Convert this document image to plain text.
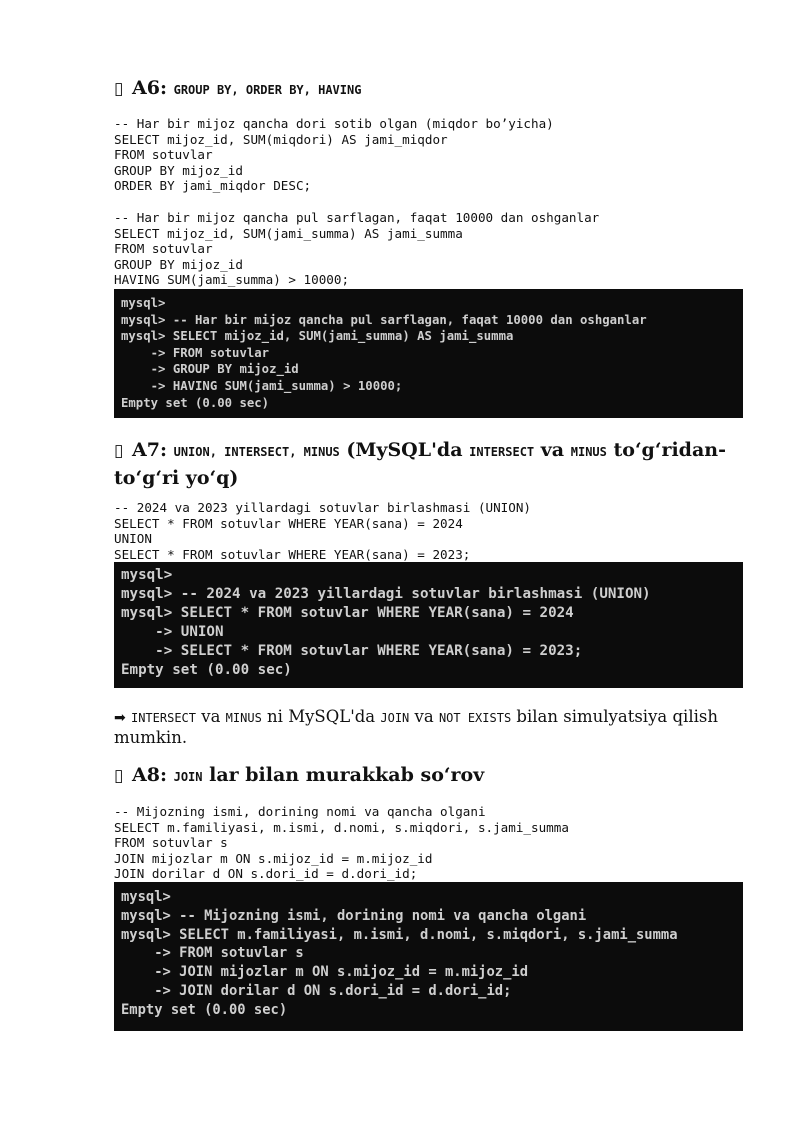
▯ A6: GROUP BY, ORDER BY, HAVING
-- Har bir mijoz qancha dori sotib olgan (miqdor bo’yicha)
SELECT mijoz_id, SUM(miqdori) AS jami_miqdor
FROM sotuvlar
GROUP BY mijoz_id
ORDER BY jami_miqdor DESC;
-- Har bir mijoz qancha pul sarflagan, faqat 10000 dan oshganlar
SELECT mijoz_id, SUM(jami_summa) AS jami_summa
FROM sotuvlar
GROUP BY mijoz_id
HAVING SUM(jami_summa) > 10000;
mysql>
mysql> -- Har bir mijoz qancha pul sarflagan, faqat 10000 dan oshganlar
mysql> SELECT mijoz_id, SUM(jami_summa) AS jami_summa
-> FROM sotuvlar
-> GROUP BY mijoz_id
-> HAVING SUM(jami_summa) > 10000;
Empty set (0.00 sec)
▯ A7: UNION, INTERSECT, MINUS (MySQL'da INTERSECT va MINUS to‘g‘ridan-to‘g‘ri yo‘q)
-- 2024 va 2023 yillardagi sotuvlar birlashmasi (UNION)
SELECT * FROM sotuvlar WHERE YEAR(sana) = 2024
UNION
SELECT * FROM sotuvlar WHERE YEAR(sana) = 2023;
mysql>
mysql> -- 2024 va 2023 yillardagi sotuvlar birlashmasi (UNION)
mysql> SELECT * FROM sotuvlar WHERE YEAR(sana) = 2024
-> UNION
-> SELECT * FROM sotuvlar WHERE YEAR(sana) = 2023;
Empty set (0.00 sec)
➡ INTERSECT va MINUS ni MySQL'da JOIN va NOT EXISTS bilan simulyatsiya qilish mumkin.
▯ A8: JOIN lar bilan murakkab so‘rov
-- Mijozning ismi, dorining nomi va qancha olgani
SELECT m.familiyasi, m.ismi, d.nomi, s.miqdori, s.jami_summa
FROM sotuvlar s
JOIN mijozlar m ON s.mijoz_id = m.mijoz_id
JOIN dorilar d ON s.dori_id = d.dori_id;
mysql>
mysql> -- Mijozning ismi, dorining nomi va qancha olgani
mysql> SELECT m.familiyasi, m.ismi, d.nomi, s.miqdori, s.jami_summa
-> FROM sotuvlar s
-> JOIN mijozlar m ON s.mijoz_id = m.mijoz_id
-> JOIN dorilar d ON s.dori_id = d.dori_id;
Empty set (0.00 sec)
